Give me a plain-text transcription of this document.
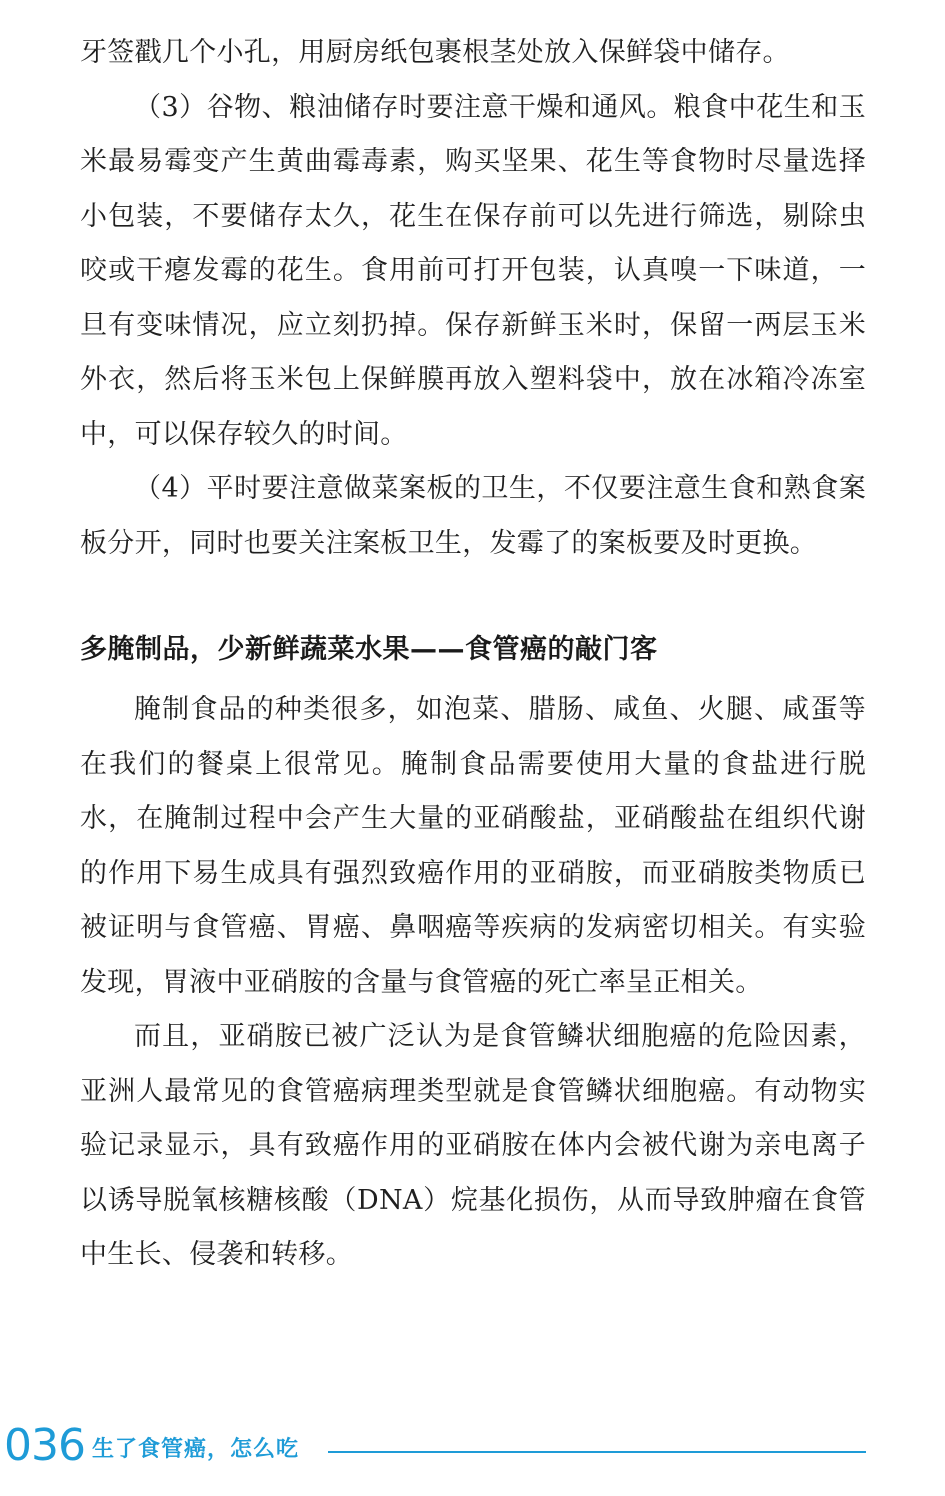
牙签戳几个小孔，用厨房纸包裹根茎处放入保鲜袋中储存。

（3）谷物、粮油储存时要注意干燥和通风。粮食中花生和玉米最易霉变产生黄曲霉毒素，购买坚果、花生等食物时尽量选择小包装，不要储存太久，花生在保存前可以先进行筛选，剔除虫咬或干瘪发霉的花生。食用前可打开包装，认真嗅一下味道，一旦有变味情况，应立刻扔掉。保存新鲜玉米时，保留一两层玉米外衣，然后将玉米包上保鲜膜再放入塑料袋中，放在冰箱冷冻室中，可以保存较久的时间。

（4）平时要注意做菜案板的卫生，不仅要注意生食和熟食案板分开，同时也要关注案板卫生，发霉了的案板要及时更换。

多腌制品，少新鲜蔬菜水果——食管癌的敲门客

腌制食品的种类很多，如泡菜、腊肠、咸鱼、火腿、咸蛋等在我们的餐桌上很常见。腌制食品需要使用大量的食盐进行脱水，在腌制过程中会产生大量的亚硝酸盐，亚硝酸盐在组织代谢的作用下易生成具有强烈致癌作用的亚硝胺，而亚硝胺类物质已被证明与食管癌、胃癌、鼻咽癌等疾病的发病密切相关。有实验发现，胃液中亚硝胺的含量与食管癌的死亡率呈正相关。

而且，亚硝胺已被广泛认为是食管鳞状细胞癌的危险因素，亚洲人最常见的食管癌病理类型就是食管鳞状细胞癌。有动物实验记录显示，具有致癌作用的亚硝胺在体内会被代谢为亲电离子以诱导脱氧核糖核酸（DNA）烷基化损伤，从而导致肿瘤在食管中生长、侵袭和转移。

036 生了食管癌，怎么吃
